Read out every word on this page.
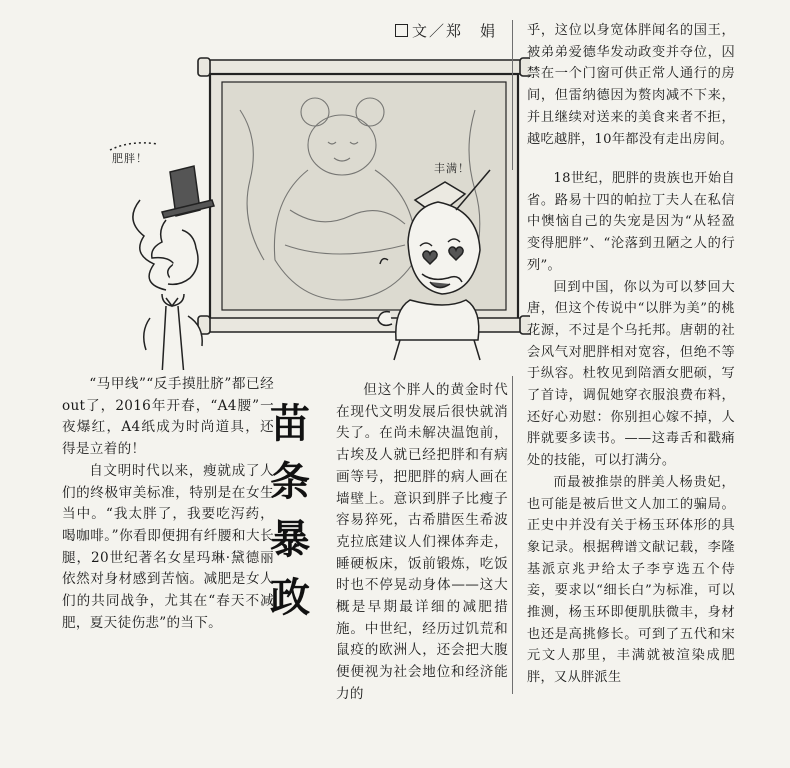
文／郑　娟
肥胖！
丰满！

乎，这位以身宽体胖闻名的国王，被弟弟爱德华发动政变并夺位，囚禁在一个门窗可供正常人通行的房间，但雷纳德因为赘肉减不下来，并且继续对送来的美食来者不拒，越吃越胖，10年都没有走出房间。

18世纪，肥胖的贵族也开始自省。路易十四的帕拉丁夫人在私信中懊恼自己的失宠是因为“从轻盈变得肥胖”、“沦落到丑陋之人的行列”。

回到中国，你以为可以梦回大唐，但这个传说中“以胖为美”的桃花源，不过是个乌托邦。唐朝的社会风气对肥胖相对宽容，但绝不等于纵容。杜牧见到陪酒女肥硕，写了首诗，调侃她穿衣服浪费布料，还好心劝慰：你别担心嫁不掉，人胖就要多读书。——这毒舌和戳痛处的技能，可以打满分。

而最被推崇的胖美人杨贵妃，也可能是被后世文人加工的骗局。正史中并没有关于杨玉环体形的具象记录。根据稗谱文献记载，李隆基派京兆尹给太子李亨选五个侍妾，要求以“细长白”为标准，可以推测，杨玉环即便肌肤微丰，身材也还是高挑修长。可到了五代和宋元文人那里，丰满就被渲染成肥胖，又从胖派生

苗
条
暴
政

“马甲线”“反手摸肚脐”都已经out了，2016年开春，“A4腰”一夜爆红，A4纸成为时尚道具，还得是立着的！

自文明时代以来，瘦就成了人们的终极审美标准，特别是在女生当中。“我太胖了，我要吃泻药，喝咖啡。”你看即便拥有纤腰和大长腿，20世纪著名女星玛琳·黛德丽依然对身材感到苦恼。减肥是女人们的共同战争，尤其在“春天不减肥，夏天徒伤悲”的当下。

但这个胖人的黄金时代在现代文明发展后很快就消失了。在尚未解决温饱前，古埃及人就已经把胖和有病画等号，把肥胖的病人画在墙壁上。意识到胖子比瘦子容易猝死，古希腊医生希波克拉底建议人们裸体奔走，睡硬板床，饭前锻炼，吃饭时也不停晃动身体——这大概是早期最详细的减肥措施。中世纪，经历过饥荒和鼠疫的欧洲人，还会把大腹便便视为社会地位和经济能力的
